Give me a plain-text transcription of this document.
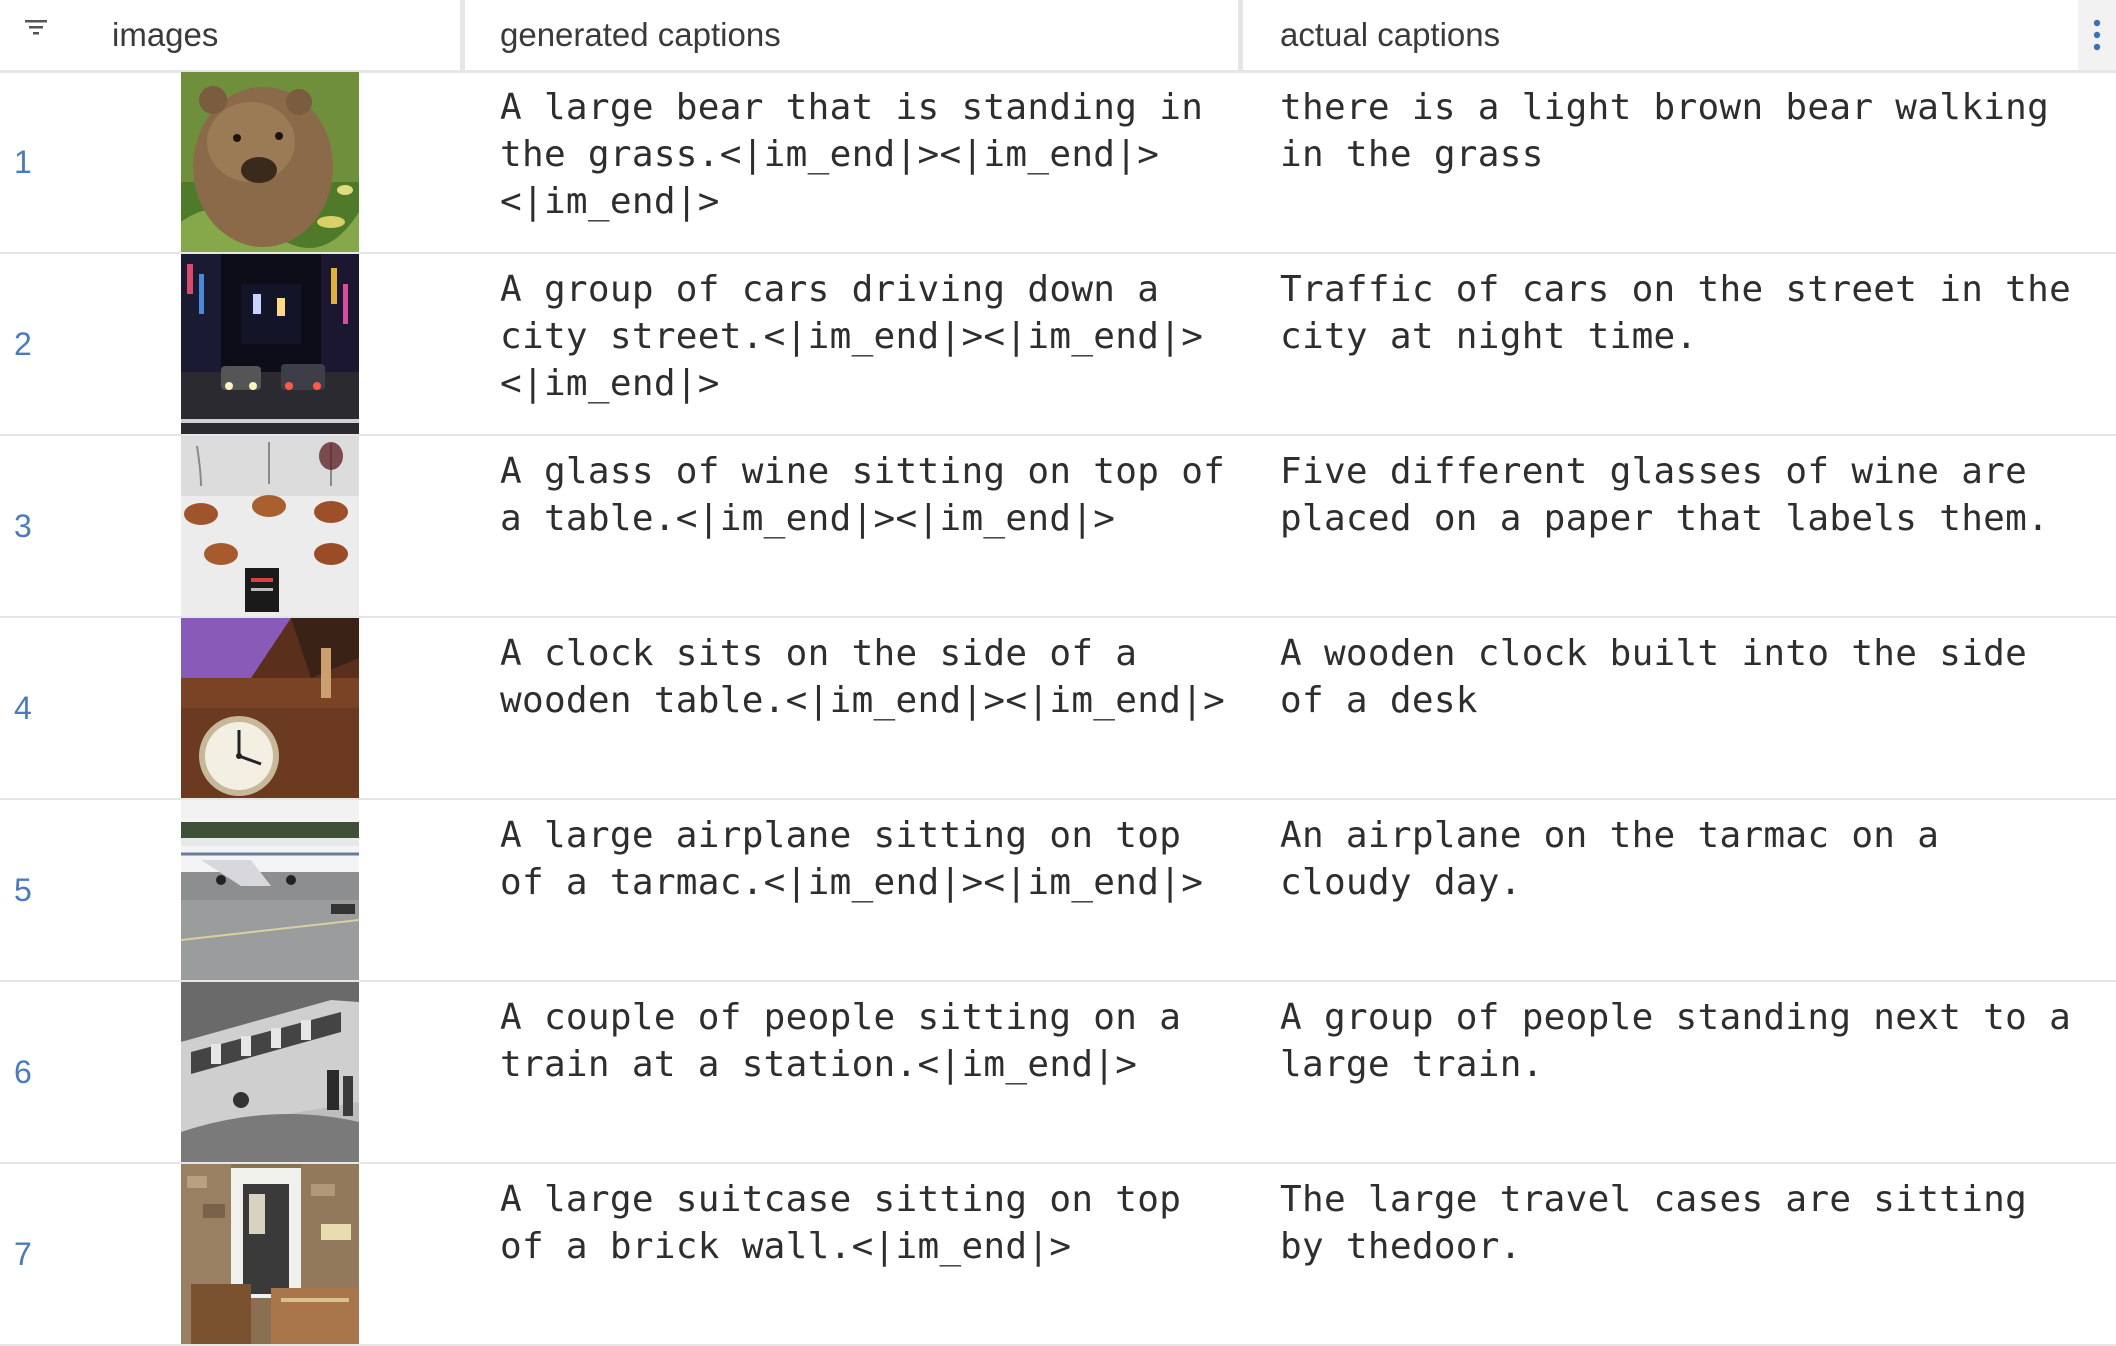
images	generated captions	actual captions
1
A large bear that is standing in the grass.<|im_end|><|im_end|><|im_end|>
there is a light brown bear walking in the grass
2
A group of cars driving down a city street.<|im_end|><|im_end|><|im_end|>
Traffic of cars on the street in the city at night time.
3
A glass of wine sitting on top of a table.<|im_end|><|im_end|>
Five different glasses of wine are placed on a paper that labels them.
4
A clock sits on the side of a wooden table.<|im_end|><|im_end|>
A wooden clock built into the side of a desk
5
A large airplane sitting on top of a tarmac.<|im_end|><|im_end|>
An airplane on the tarmac on a cloudy day.
6
A couple of people sitting on a train at a station.<|im_end|>
A group of people standing next to a large train.
7
A large suitcase sitting on top of a brick wall.<|im_end|>
The large travel cases are sitting by thedoor.
